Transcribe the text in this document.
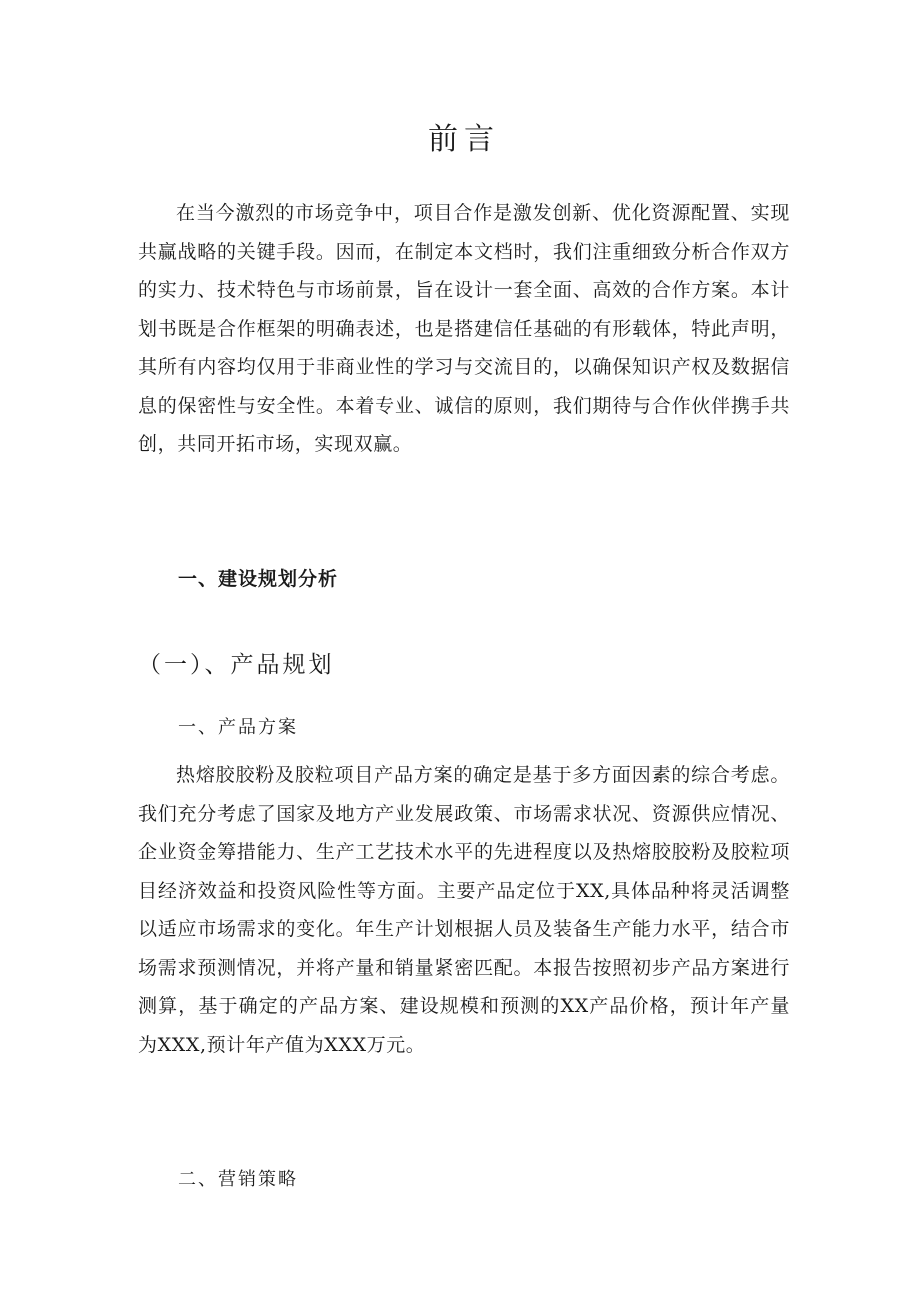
前言

在当今激烈的市场竞争中，项目合作是激发创新、优化资源配置、实现共赢战略的关键手段。因而，在制定本文档时，我们注重细致分析合作双方的实力、技术特色与市场前景，旨在设计一套全面、高效的合作方案。本计划书既是合作框架的明确表述，也是搭建信任基础的有形载体，特此声明，其所有内容均仅用于非商业性的学习与交流目的，以确保知识产权及数据信息的保密性与安全性。本着专业、诚信的原则，我们期待与合作伙伴携手共创，共同开拓市场，实现双赢。

一、建设规划分析
（一）、产品规划
一、产品方案

热熔胶胶粉及胶粒项目产品方案的确定是基于多方面因素的综合考虑。我们充分考虑了国家及地方产业发展政策、市场需求状况、资源供应情况、企业资金筹措能力、生产工艺技术水平的先进程度以及热熔胶胶粉及胶粒项目经济效益和投资风险性等方面。主要产品定位于XX,具体品种将灵活调整以适应市场需求的变化。年生产计划根据人员及装备生产能力水平，结合市场需求预测情况，并将产量和销量紧密匹配。本报告按照初步产品方案进行测算，基于确定的产品方案、建设规模和预测的XX产品价格，预计年产量为XXX,预计年产值为XXX万元。

二、营销策略
